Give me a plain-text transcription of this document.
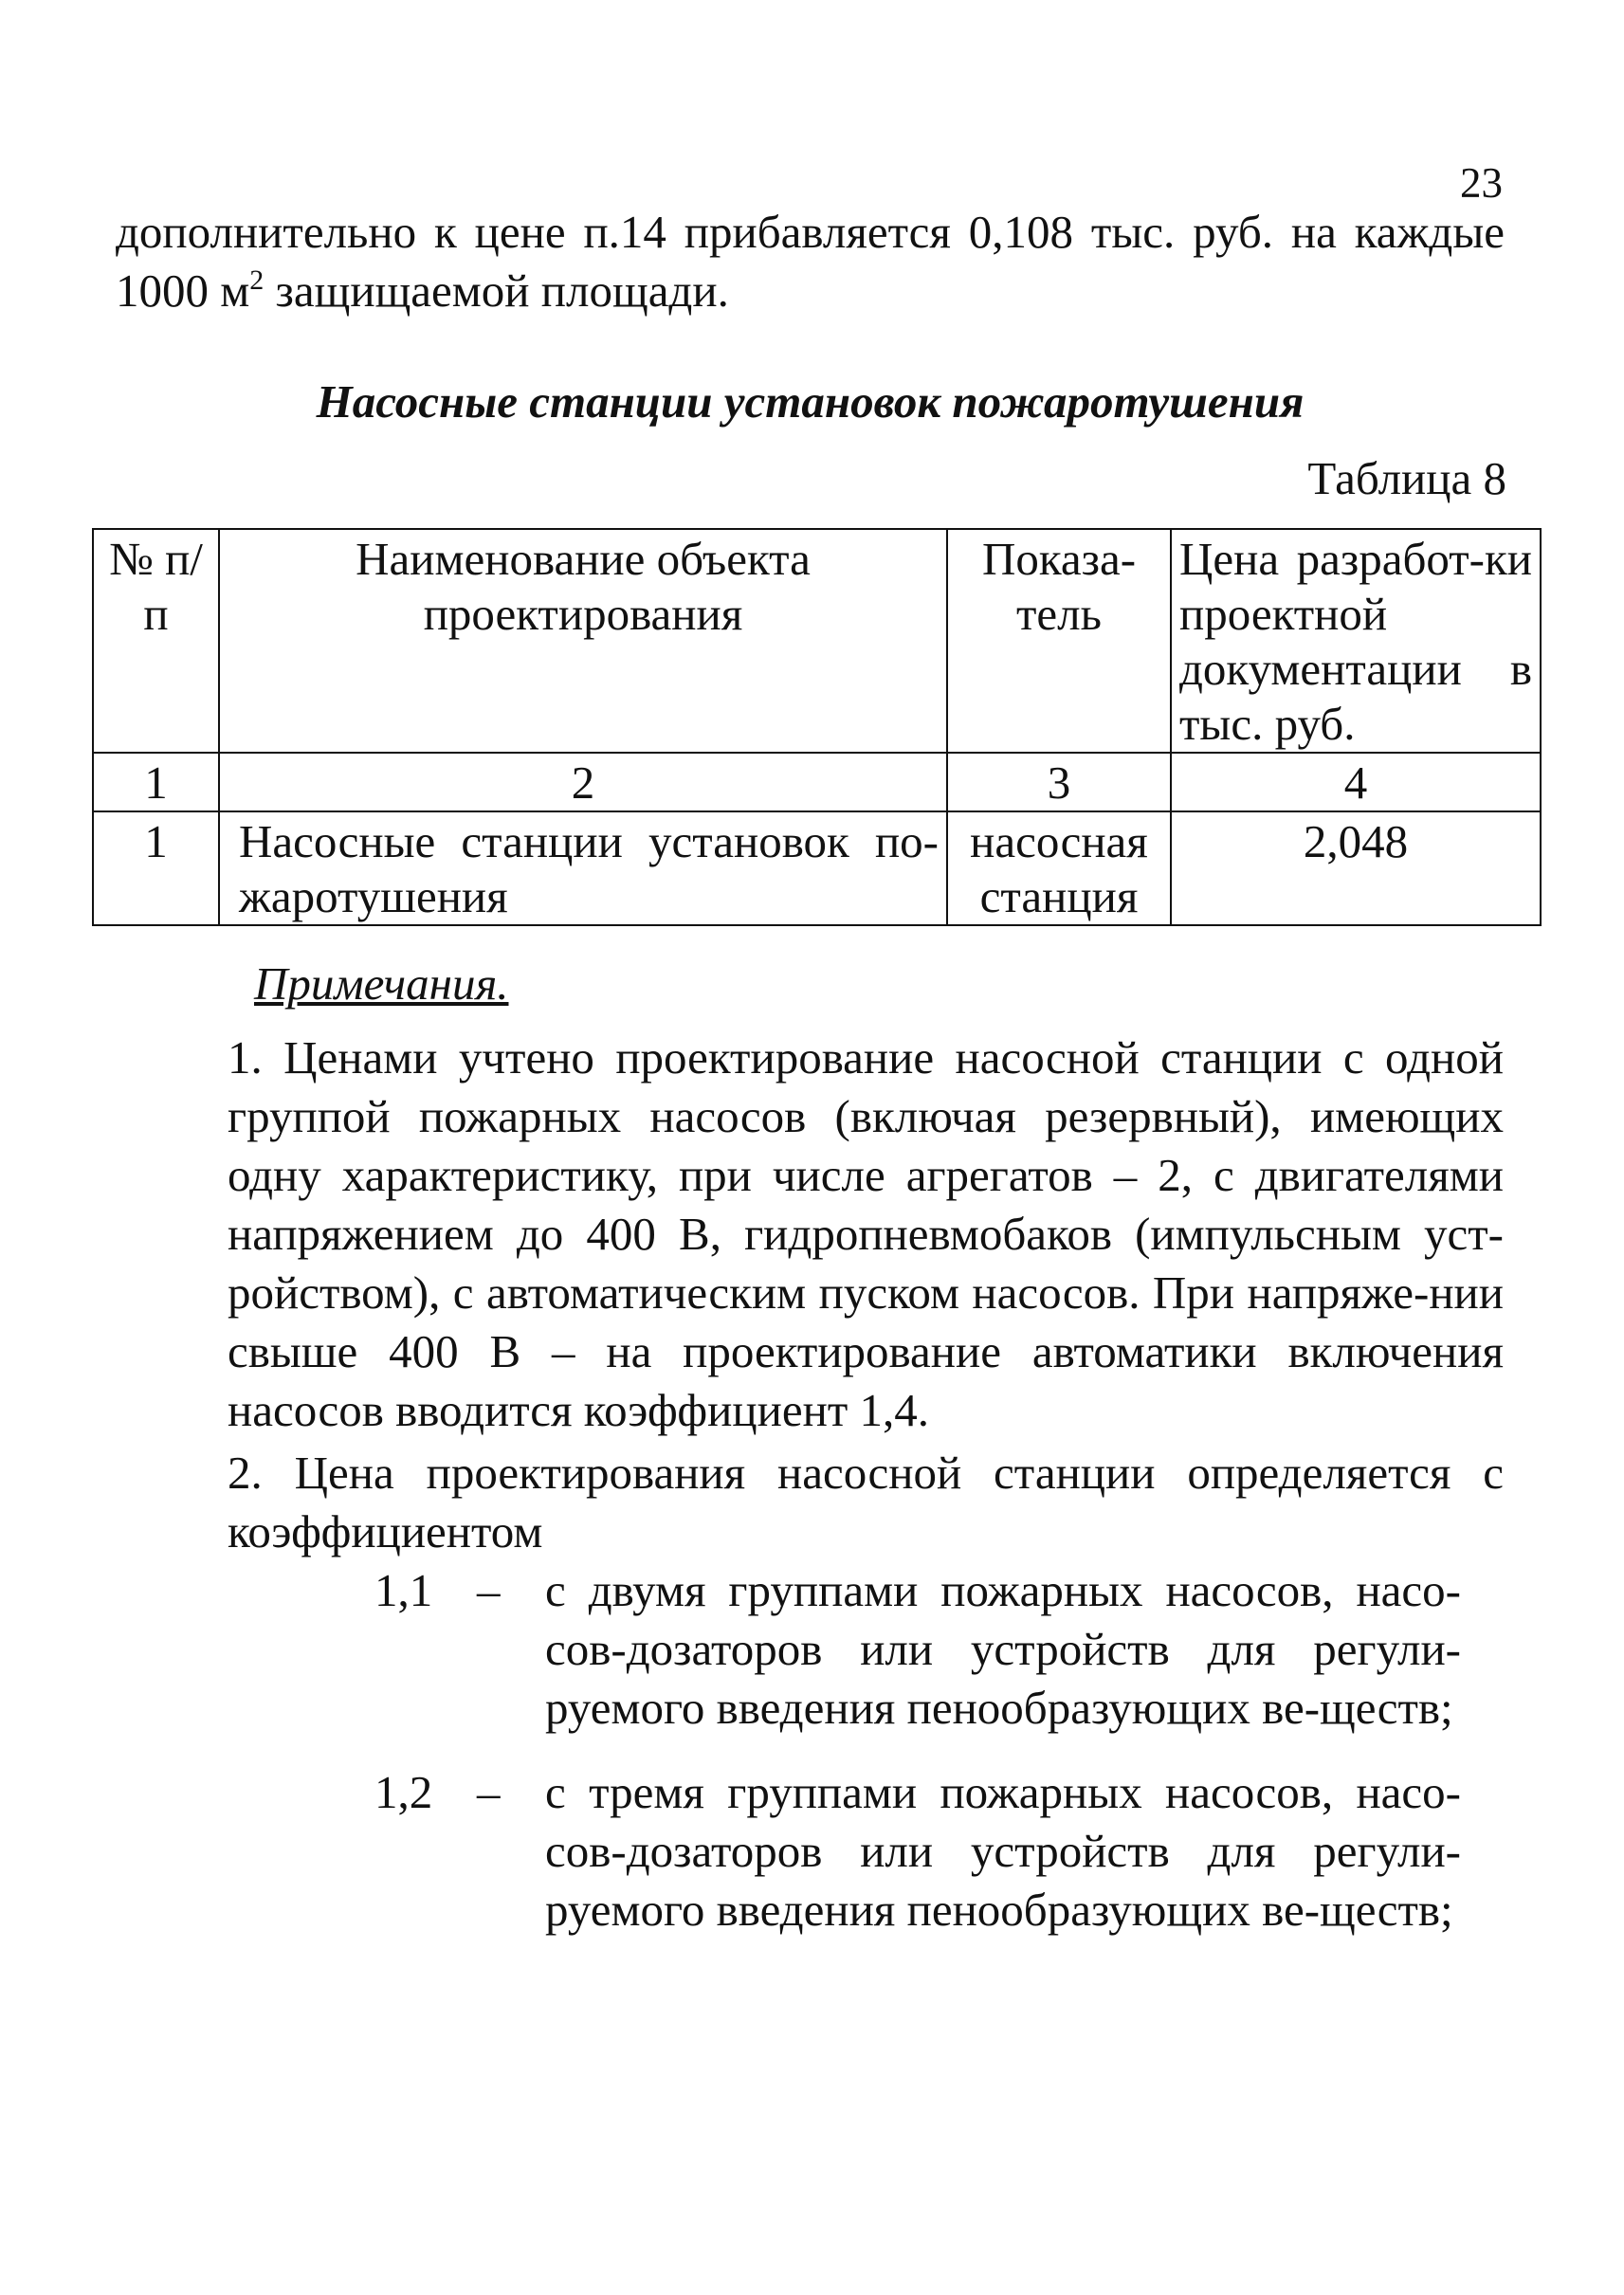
23
дополнительно к цене п.14 прибавляется 0,108 тыс. руб. на каждые 1000 $м^2$ защищаемой площади.
Насосные станции установок пожаротушения
Таблица 8
№ п/п	Наименование объекта проектирования	Показа-тель	Цена разработ-ки проектной документации в тыс. руб.
1	2	3	4
1	Насосные станции установок по-жаротушения	насосная станция	2,048
Примечания.
1. Ценами учтено проектирование насосной станции с одной группой пожарных насосов (включая резервный), имеющих одну характеристику, при числе агрегатов – 2, с двигателями напряжением до 400 В, гидропневмобаков (импульсным уст-ройством), с автоматическим пуском насосов. При напряже-нии свыше 400 В – на проектирование автоматики включения насосов вводится коэффициент 1,4.
2. Цена проектирования насосной станции определяется с коэффициентом
1,1 – с двумя группами пожарных насосов, насо-сов-дозаторов или устройств для регули-руемого введения пенообразующих ве-ществ;
1,2 – с тремя группами пожарных насосов, насо-сов-дозаторов или устройств для регули-руемого введения пенообразующих ве-ществ;
